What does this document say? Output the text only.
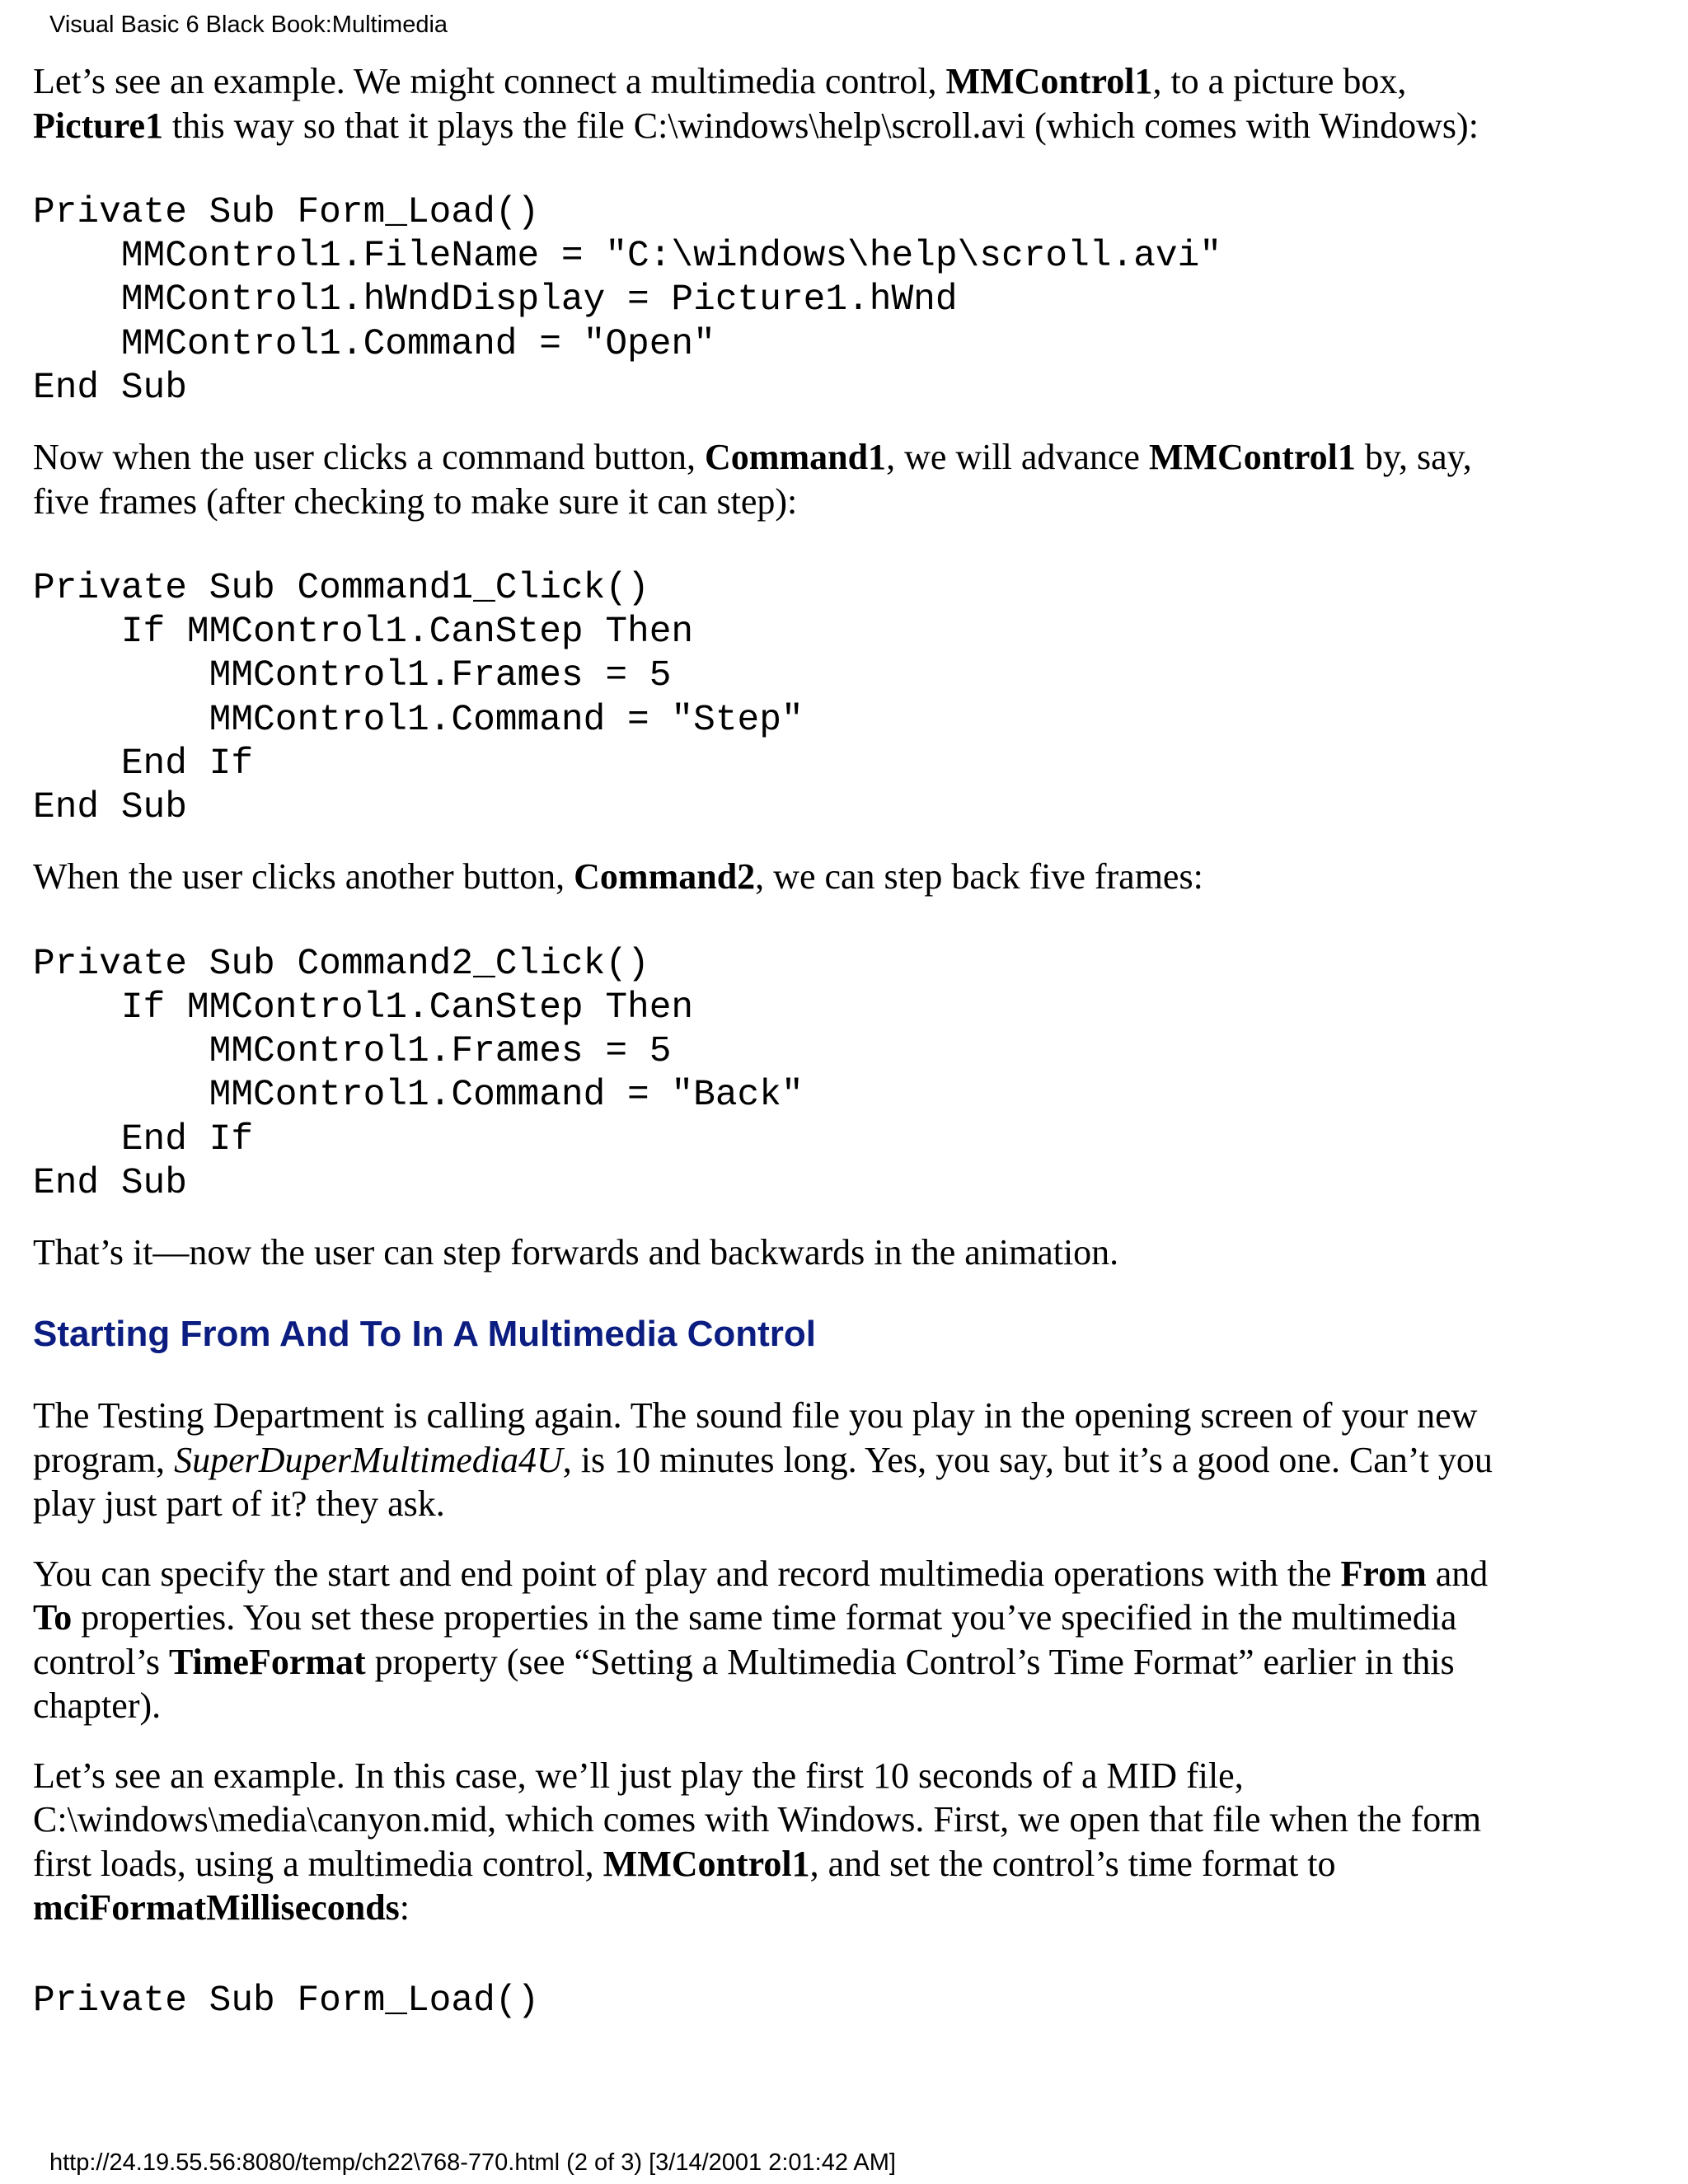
Visual Basic 6 Black Book:Multimedia

Let’s see an example. We might connect a multimedia control, MMControl1, to a picture box,
Picture1 this way so that it plays the file C:\windows\help\scroll.avi (which comes with Windows):

Private Sub Form_Load()
MMControl1.FileName = "C:\windows\help\scroll.avi"
MMControl1.hWndDisplay = Picture1.hWnd
MMControl1.Command = "Open"
End Sub

Now when the user clicks a command button, Command1, we will advance MMControl1 by, say,
five frames (after checking to make sure it can step):

Private Sub Command1_Click()
If MMControl1.CanStep Then
MMControl1.Frames = 5
MMControl1.Command = "Step"
End If
End Sub

When the user clicks another button, Command2, we can step back five frames:

Private Sub Command2_Click()
If MMControl1.CanStep Then
MMControl1.Frames = 5
MMControl1.Command = "Back"
End If
End Sub

That’s it—now the user can step forwards and backwards in the animation.

Starting From And To In A Multimedia Control

The Testing Department is calling again. The sound file you play in the opening screen of your new
program, SuperDuperMultimedia4U, is 10 minutes long. Yes, you say, but it’s a good one. Can’t you
play just part of it? they ask.

You can specify the start and end point of play and record multimedia operations with the From and
To properties. You set these properties in the same time format you’ve specified in the multimedia
control’s TimeFormat property (see “Setting a Multimedia Control’s Time Format” earlier in this
chapter).

Let’s see an example. In this case, we’ll just play the first 10 seconds of a MID file,
C:\windows\media\canyon.mid, which comes with Windows. First, we open that file when the form
first loads, using a multimedia control, MMControl1, and set the control’s time format to
mciFormatMilliseconds:

Private Sub Form_Load()
http://24.19.55.56:8080/temp/ch22\768-770.html (2 of 3) [3/14/2001 2:01:42 AM]
